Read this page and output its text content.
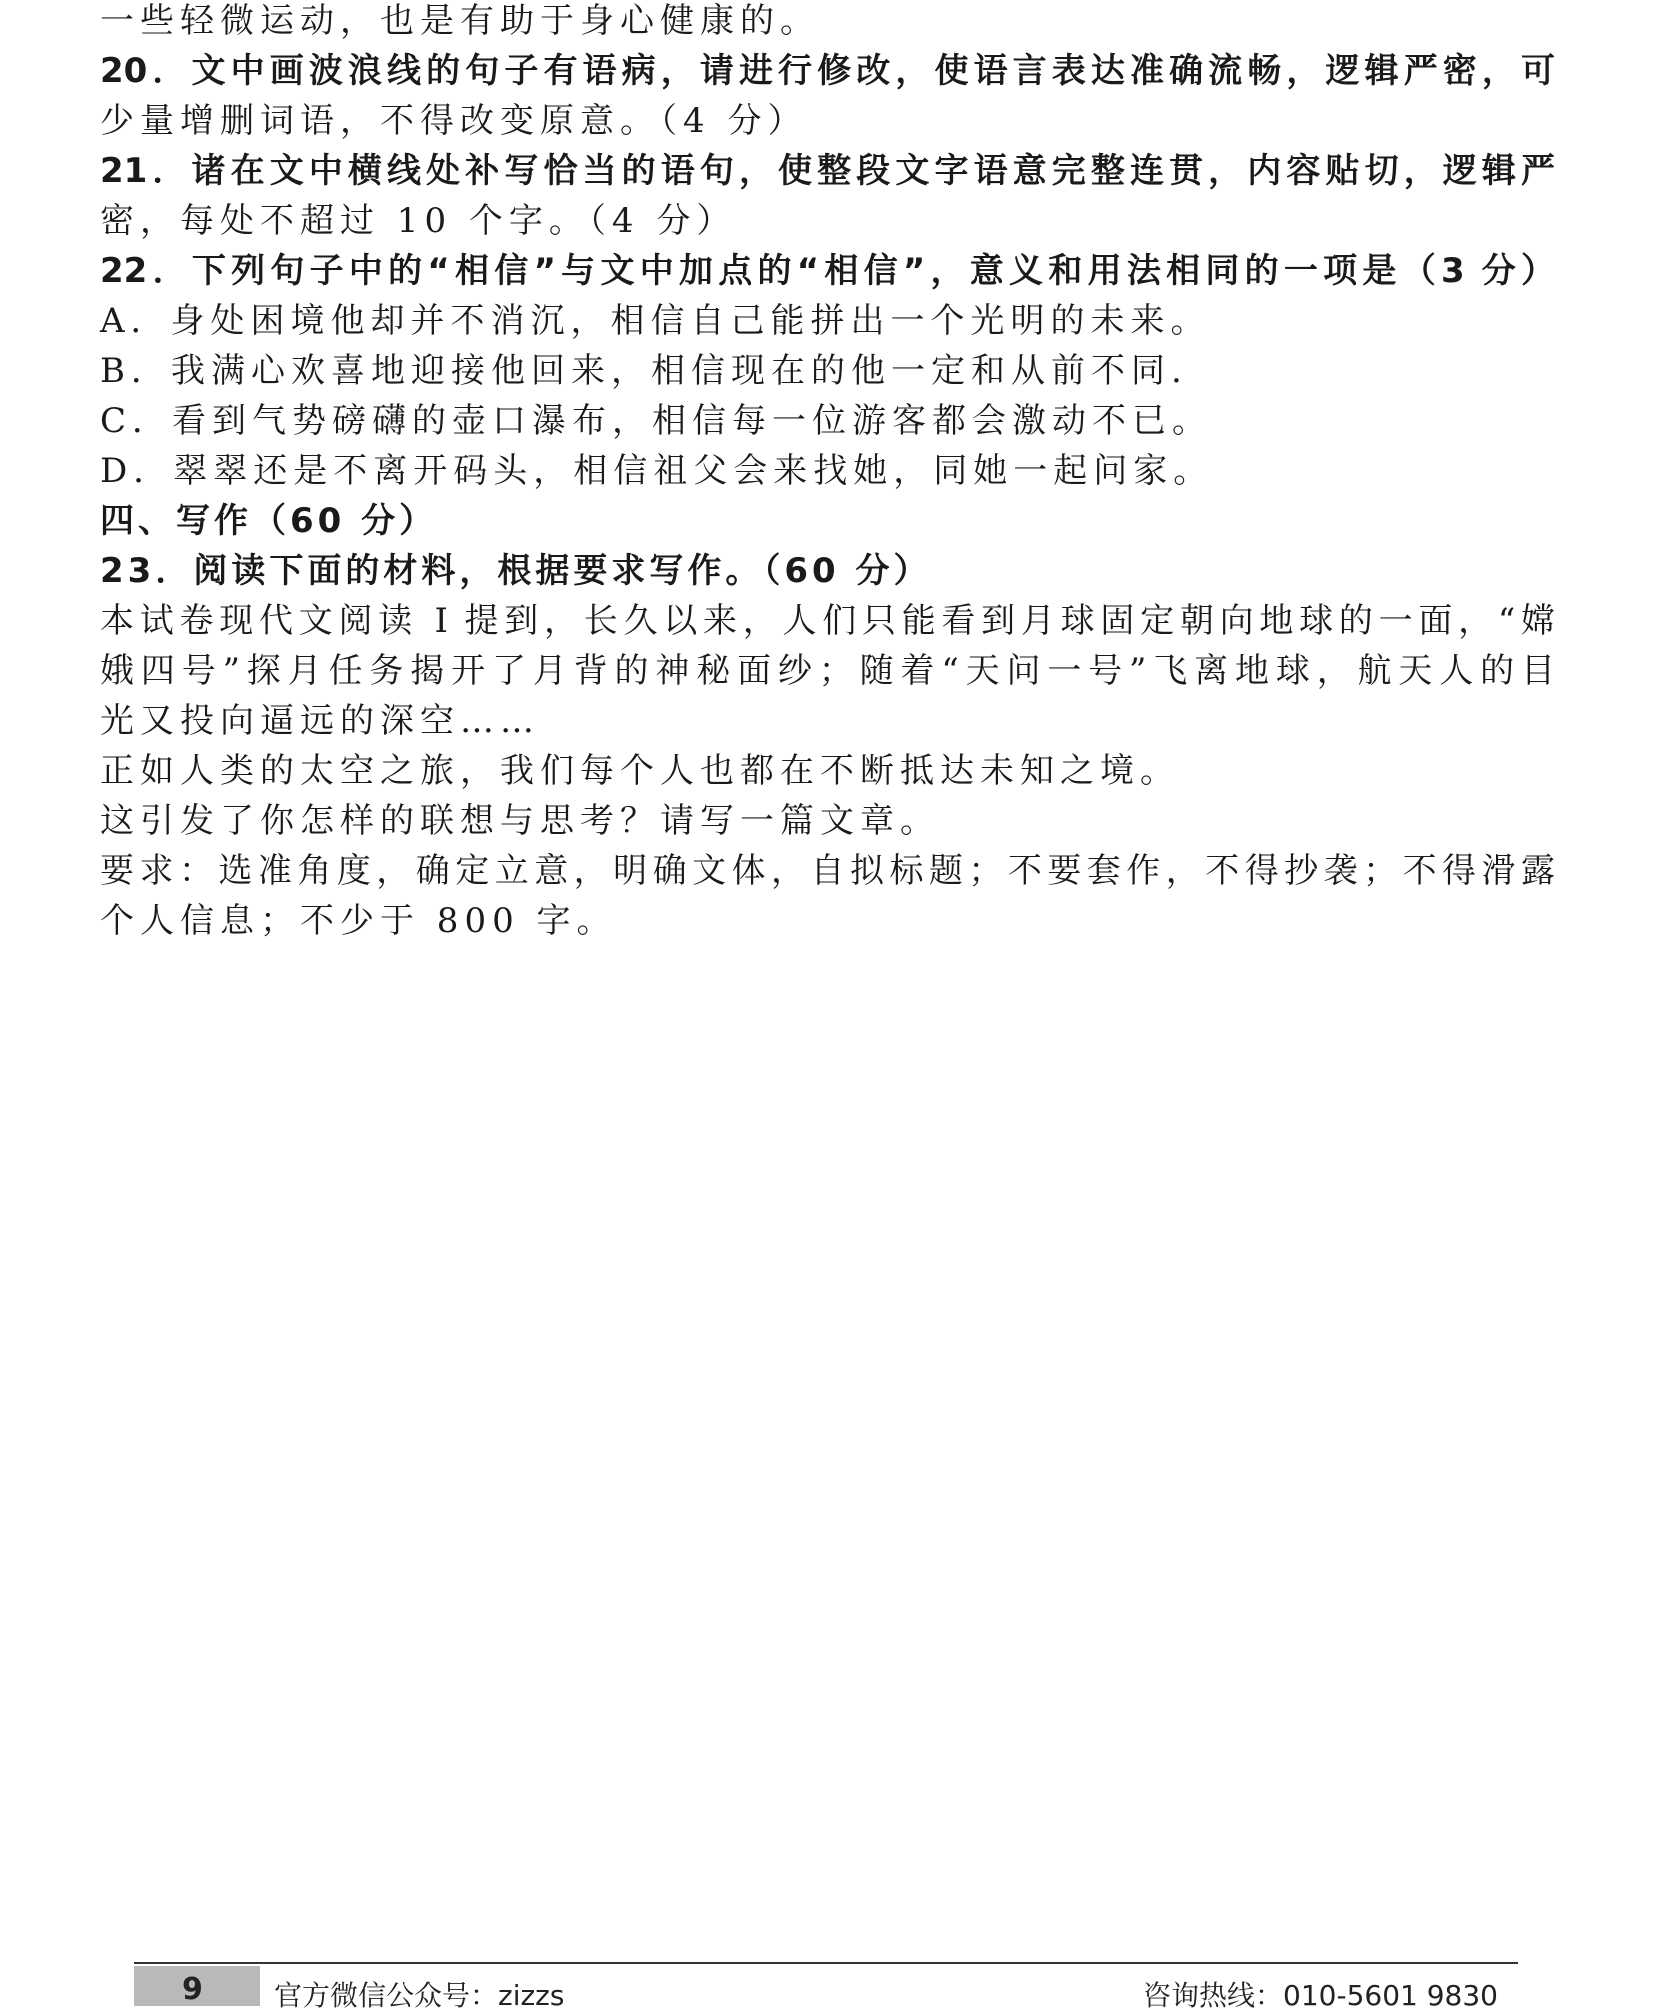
一些轻微运动，也是有助于身心健康的。
20．文中画波浪线的句子有语病，请进行修改，使语言表达准确流畅，逻辑严密，可
少量增删词语，不得改变原意。（4 分）
21．诸在文中横线处补写恰当的语句，使整段文字语意完整连贯，内容贴切，逻辑严
密，每处不超过 10 个字。（4 分）
22．下列句子中的“相信”与文中加点的“相信”，意义和用法相同的一项是（3 分）
A．身处困境他却并不消沉，相信自己能拼出一个光明的未来。
B．我满心欢喜地迎接他回来，相信现在的他一定和从前不同.
C．看到气势磅礴的壶口瀑布，相信每一位游客都会激动不已。
D．翠翠还是不离开码头，相信祖父会来找她，同她一起问家。
四、写作（60 分）
23．阅读下面的材料，根据要求写作。（60 分）
本试卷现代文阅读 I 提到，长久以来，人们只能看到月球固定朝向地球的一面，“嫦
娥四号”探月任务揭开了月背的神秘面纱；随着“天问一号”飞离地球，航天人的目
光又投向逼远的深空……
正如人类的太空之旅，我们每个人也都在不断抵达未知之境。
这引发了你怎样的联想与思考？请写一篇文章。
要求：选准角度，确定立意，明确文体，自拟标题；不要套作，不得抄袭；不得滑露
个人信息；不少于 800 字。
9	官方微信公众号：zizzs	咨询热线：010-5601 9830
